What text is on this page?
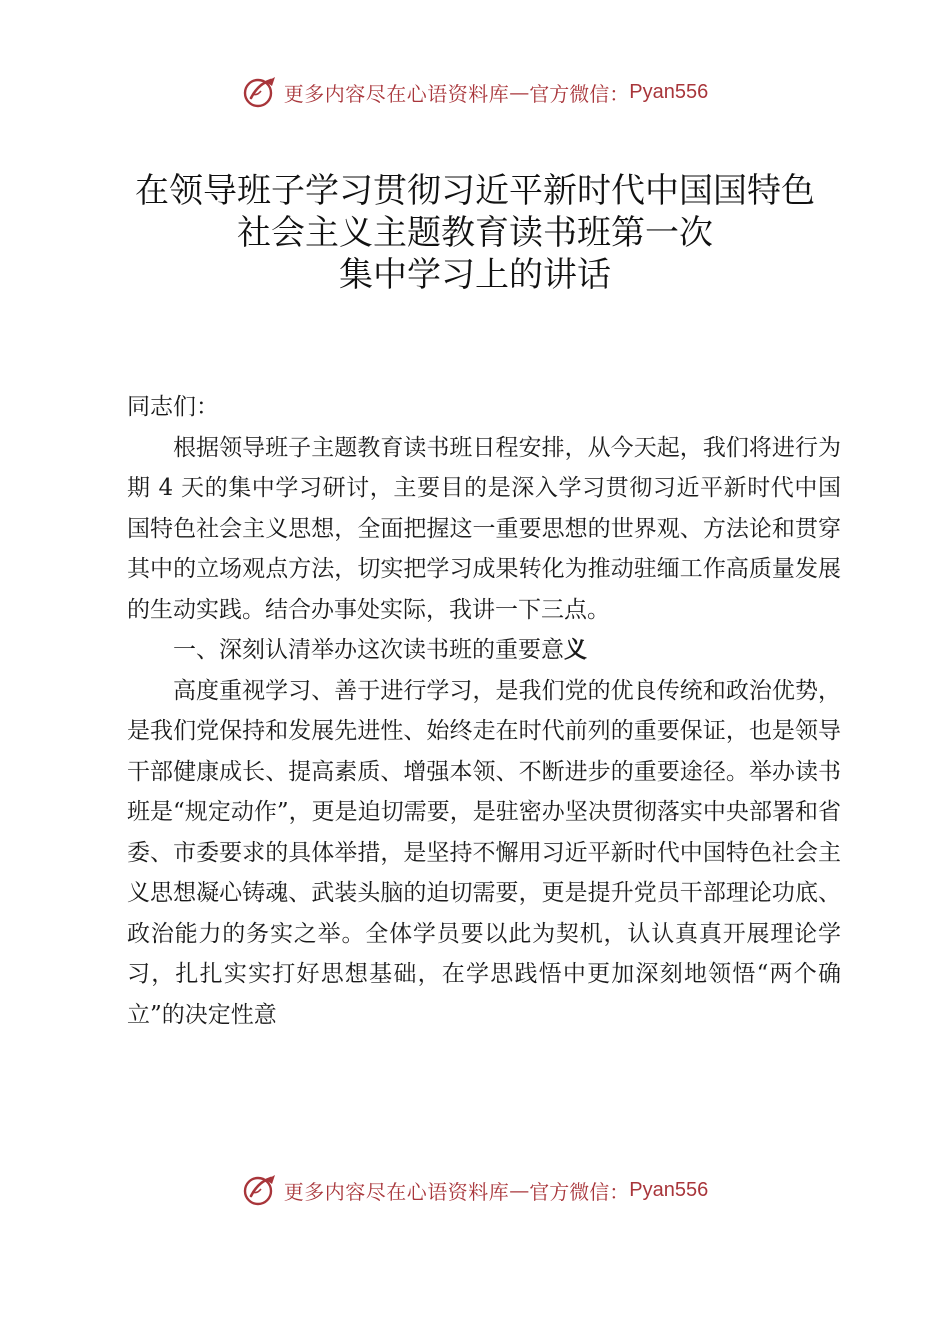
更多内容尽在心语资料库 — 官方微信： Pyan556
在领导班子学习贯彻习近平新时代中国国特色
社会主义主题教育读书班第一次
集中学习上的讲话

同志们：

根据领导班子主题教育读书班日程安排，从今天起，我们将进行为期 4 天的集中学习研讨，主要目的是深入学习贯彻习近平新时代中国国特色社会主义思想，全面把握这一重要思想的世界观、方法论和贯穿其中的立场观点方法，切实把学习成果转化为推动驻缅工作高质量发展的生动实践。结合办事处实际，我讲一下三点。

一、深刻认清举办这次读书班的重要意义

高度重视学习、善于进行学习，是我们党的优良传统和政治优势，是我们党保持和发展先进性、始终走在时代前列的重要保证，也是领导干部健康成长、提高素质、增强本领、不断进步的重要途径。举办读书班是“规定动作”，更是迫切需要，是驻密办坚决贯彻落实中央部署和省委、市委要求的具体举措，是坚持不懈用习近平新时代中国特色社会主义思想凝心铸魂、武装头脑的迫切需要，更是提升党员干部理论功底、政治能力的务实之举。全体学员要以此为契机，认认真真开展理论学习，扎扎实实打好思想基础，在学思践悟中更加深刻地领悟“两个确立”的决定性意

更多内容尽在心语资料库 — 官方微信： Pyan556
